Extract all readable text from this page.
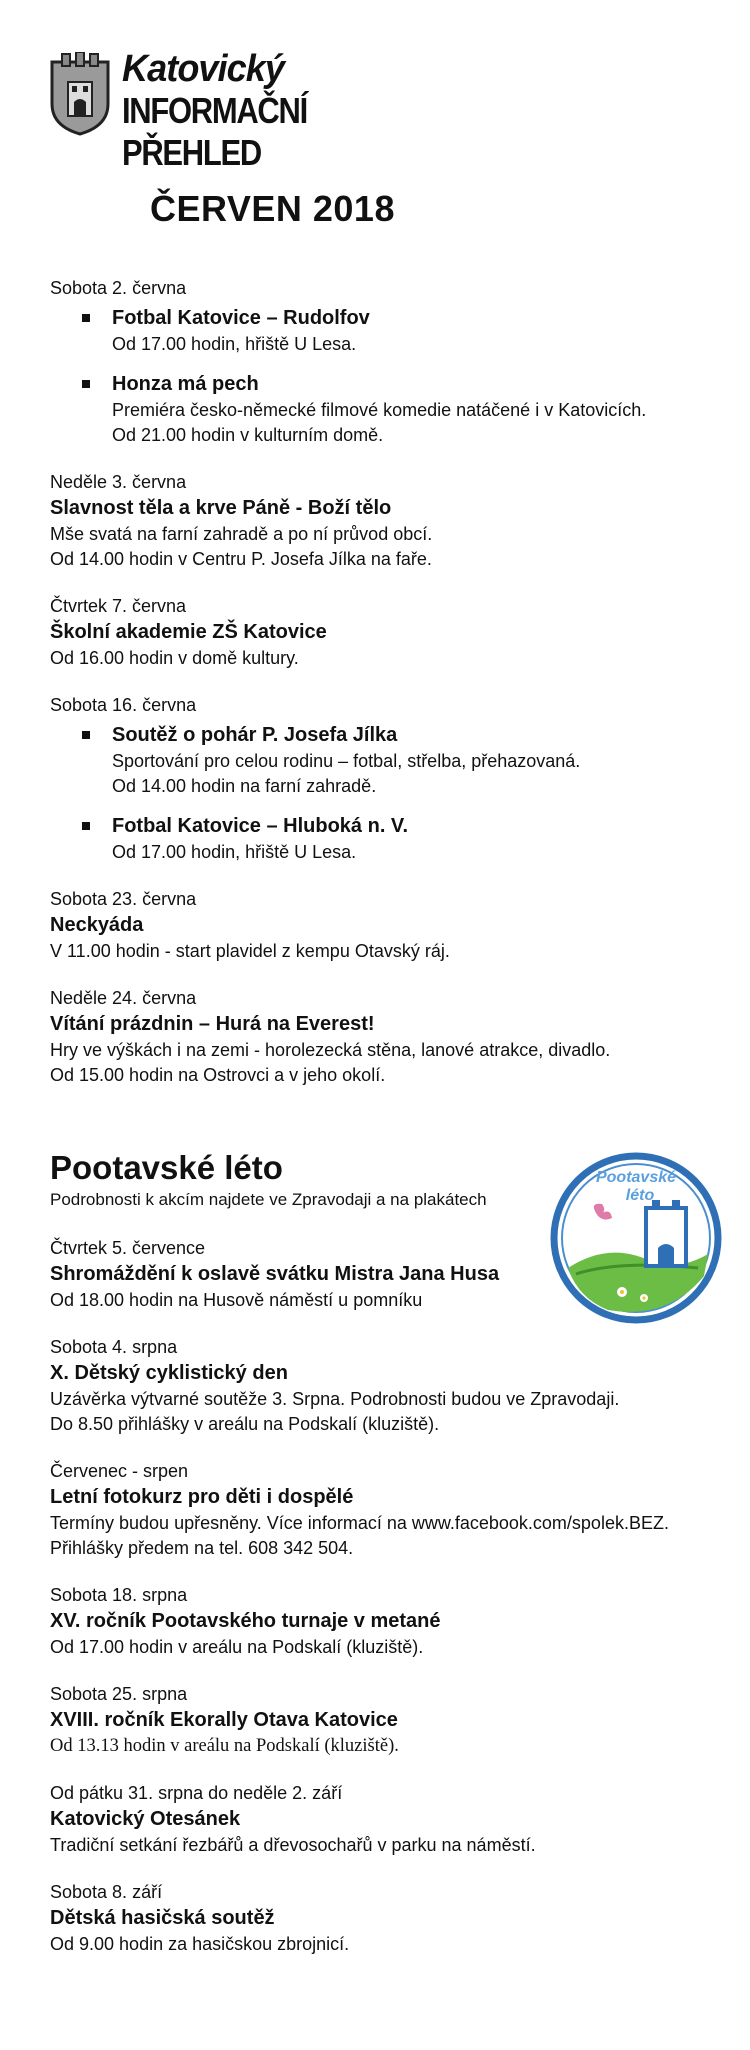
Katovický
INFORMAČNÍ PŘEHLED
ČERVEN 2018
Sobota 2. června
Fotbal Katovice – Rudolfov
Od 17.00 hodin, hřiště U Lesa.
Honza má pech
Premiéra česko-německé filmové komedie natáčené i v Katovicích.
Od 21.00 hodin v kulturním domě.
Neděle 3. června
Slavnost těla a krve Páně - Boží tělo
Mše svatá na farní zahradě a po ní průvod obcí.
Od 14.00 hodin v Centru P. Josefa Jílka na faře.
Čtvrtek 7. června
Školní akademie ZŠ Katovice
Od 16.00 hodin v domě kultury.
Sobota 16. června
Soutěž o pohár P. Josefa Jílka
Sportování pro celou rodinu – fotbal, střelba, přehazovaná.
Od 14.00 hodin na farní zahradě.
Fotbal Katovice – Hluboká n. V.
Od 17.00 hodin, hřiště U Lesa.
Sobota 23. června
Neckyáda
V 11.00 hodin - start plavidel z kempu Otavský ráj.
Neděle 24. června
Vítání prázdnin – Hurá na Everest!
Hry ve výškách i na zemi - horolezecká stěna, lanové atrakce, divadlo.
Od 15.00 hodin na Ostrovci a v jeho okolí.
Pootavské
léto
Pootavské léto
Podrobnosti k akcím najdete ve Zpravodaji a na plakátech
Čtvrtek 5. července
Shromáždění k oslavě svátku Mistra Jana Husa
Od 18.00 hodin na Husově náměstí u pomníku
Sobota 4. srpna
X. Dětský cyklistický den
Uzávěrka výtvarné soutěže 3. Srpna. Podrobnosti budou ve Zpravodaji.
Do 8.50 přihlášky v areálu na Podskalí (kluziště).
Červenec - srpen
Letní fotokurz pro děti i dospělé
Termíny budou upřesněny. Více informací na www.facebook.com/spolek.BEZ.
Přihlášky předem na tel. 608 342 504.
Sobota 18. srpna
XV. ročník Pootavského turnaje v metané
Od 17.00 hodin v areálu na Podskalí (kluziště).
Sobota 25. srpna
XVIII. ročník Ekorally Otava Katovice
Od 13.13 hodin v areálu na Podskalí (kluziště).
Od pátku 31. srpna do neděle 2. září
Katovický Otesánek
Tradiční setkání řezbářů a dřevosochařů v parku na náměstí.
Sobota 8. září
Dětská hasičská soutěž
Od 9.00 hodin za hasičskou zbrojnicí.
